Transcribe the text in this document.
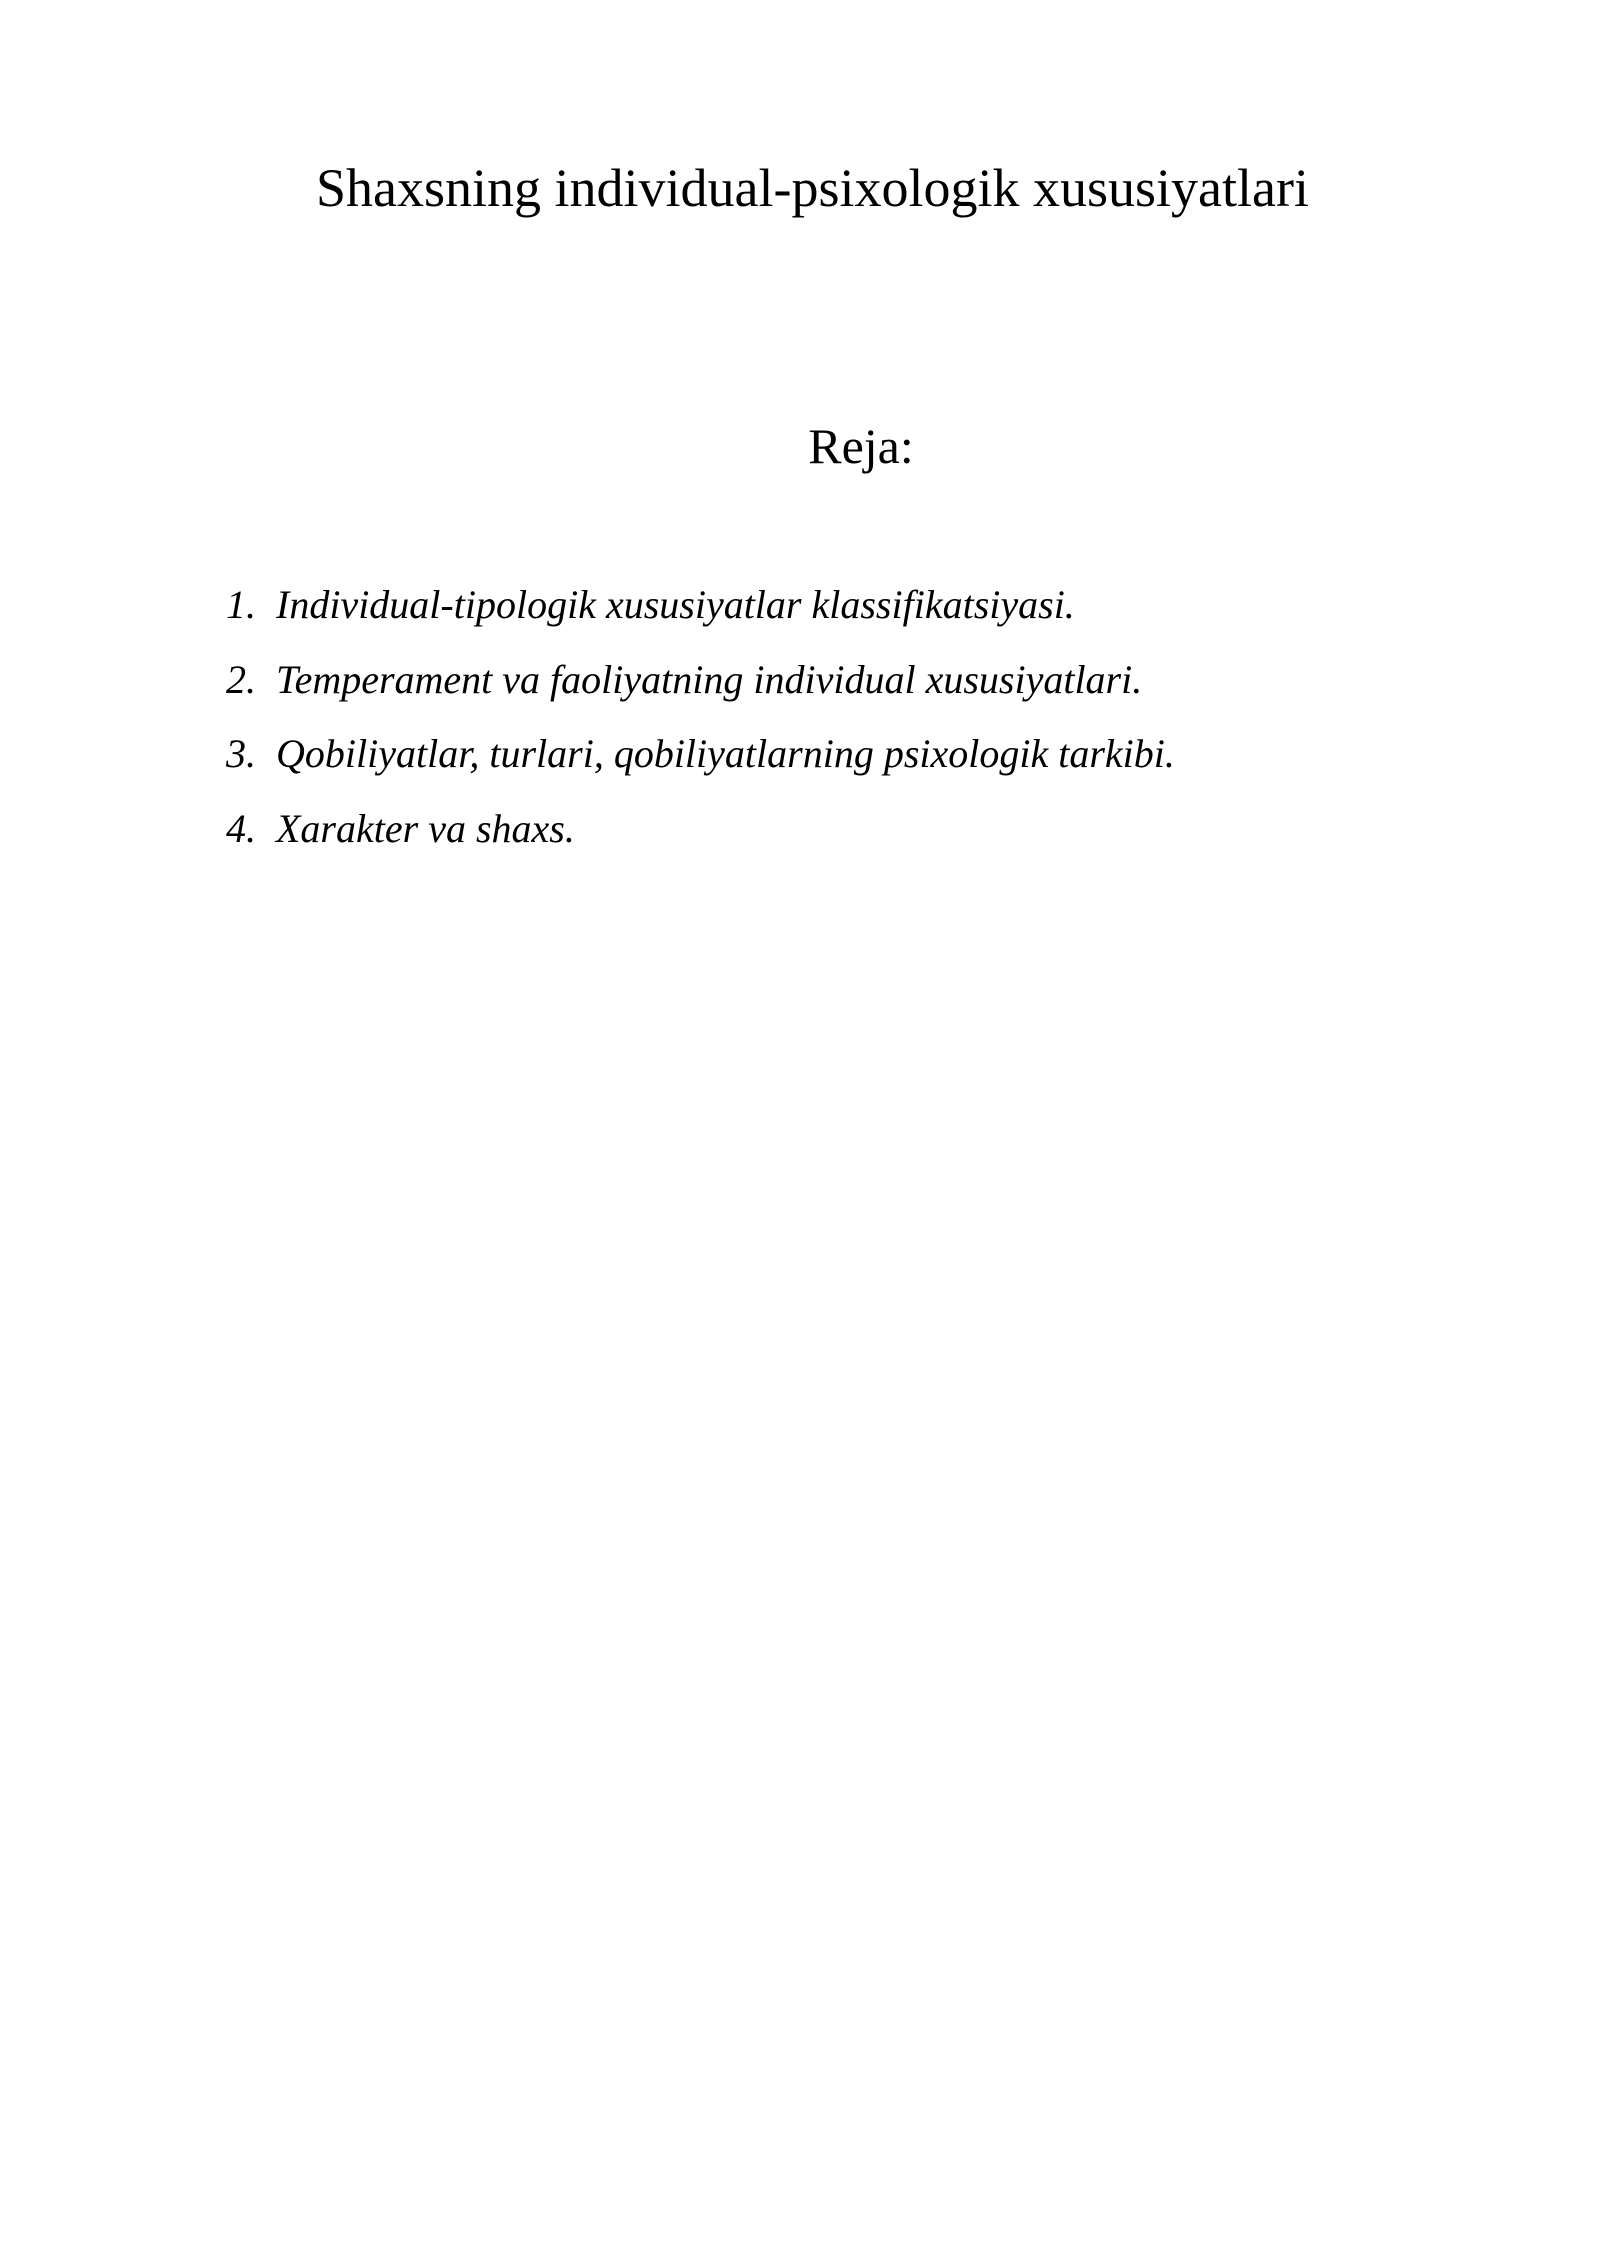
Shaxsning individual-psixologik xususiyatlari
Reja:
1. Individual-tipologik xususiyatlar klassifikatsiyasi.
2. Temperament va faoliyatning individual xususiyatlari.
3. Qobiliyatlar, turlari, qobiliyatlarning psixologik tarkibi.
4. Xarakter va shaxs.
